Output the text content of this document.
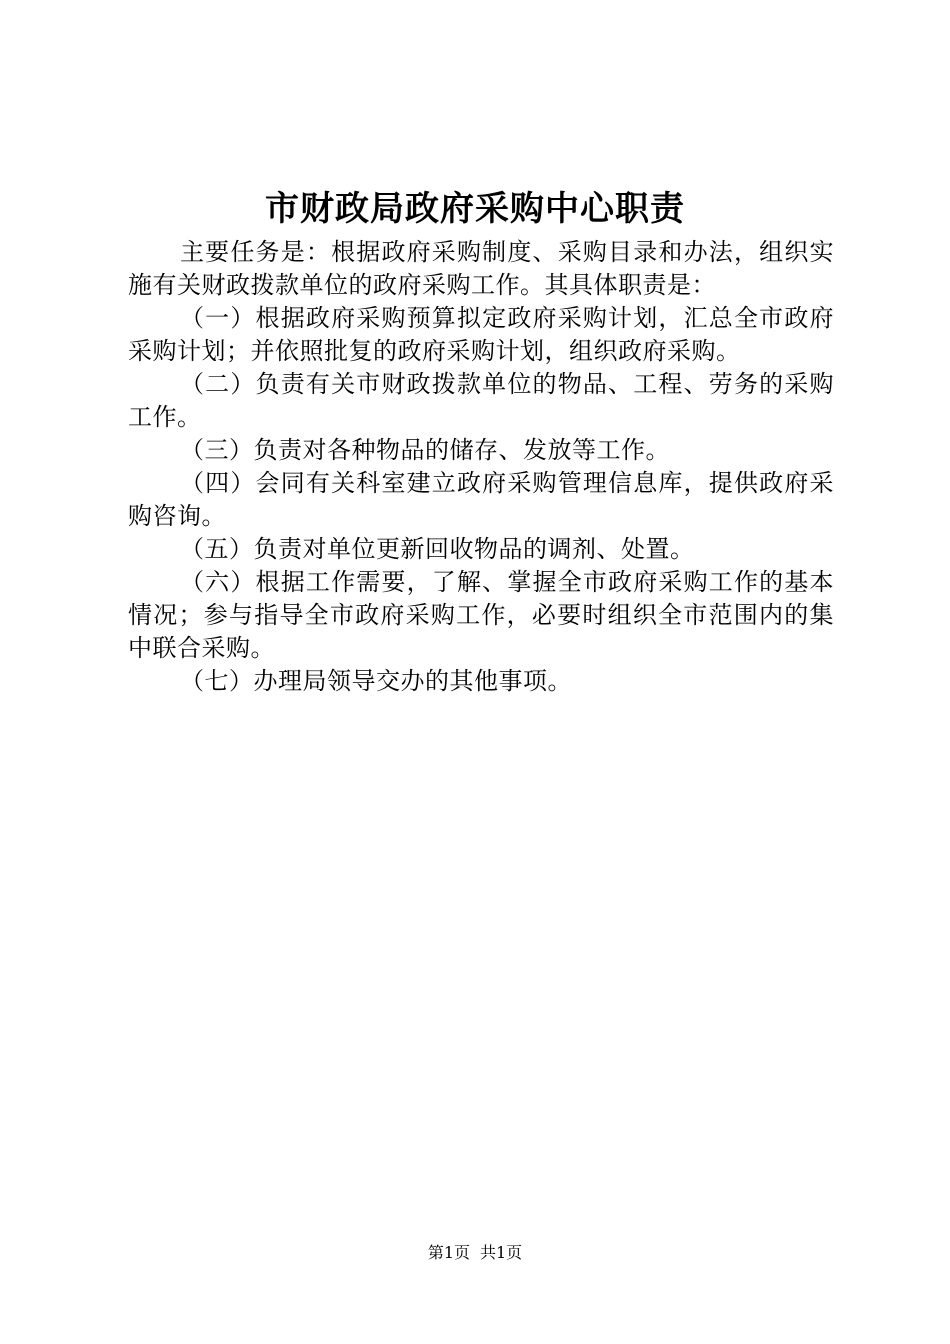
市财政局政府采购中心职责

主要任务是：根据政府采购制度、采购目录和办法，组织实施有关财政拨款单位的政府采购工作。其具体职责是：

（一）根据政府采购预算拟定政府采购计划，汇总全市政府采购计划；并依照批复的政府采购计划，组织政府采购。

（二）负责有关市财政拨款单位的物品、工程、劳务的采购工作。

（三）负责对各种物品的储存、发放等工作。

（四）会同有关科室建立政府采购管理信息库，提供政府采购咨询。

（五）负责对单位更新回收物品的调剂、处置。

（六）根据工作需要，了解、掌握全市政府采购工作的基本情况；参与指导全市政府采购工作，必要时组织全市范围内的集中联合采购。

（七）办理局领导交办的其他事项。

第1页 共1页
